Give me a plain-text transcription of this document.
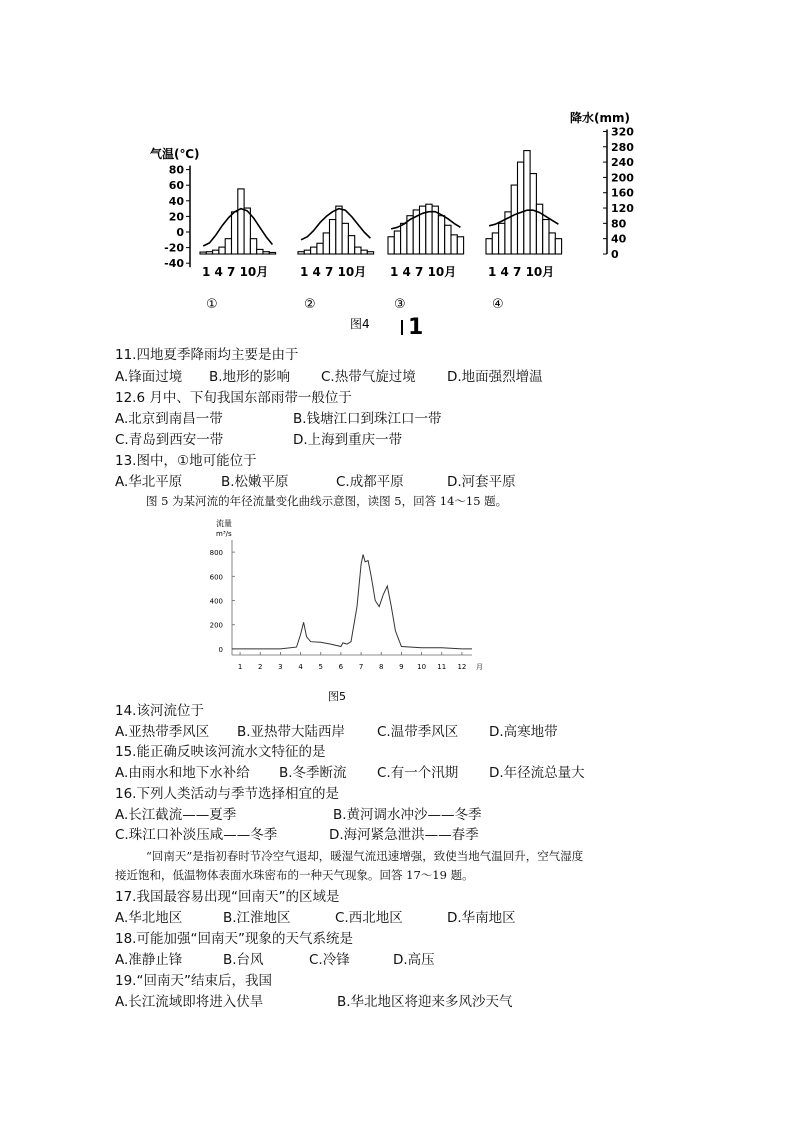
气温(℃)
80
60
40
20
0
-20
-40
降水(mm)
320
280
240
200
160
120
80
40
0
1 4 7 10月
①
1 4 7 10月
②
1 4 7 10月
③
1 4 7 10月
④
图4 1
11.四地夏季降雨均主要是由于
A.锋面过境 B.地形的影响 C.热带气旋过境 D.地面强烈增温
12.6 月中、下旬我国东部雨带一般位于
A.北京到南昌一带	B.钱塘江口到珠江口一带
C.青岛到西安一带	D.上海到重庆一带
13.图中，①地可能位于
A.华北平原	B.松嫩平原	C.成都平原	D.河套平原
图 5 为某河流的年径流量变化曲线示意图，读图 5，回答 14～15 题。
流量
m³/s
0
200
400
600
800
1 2 3 4 5 6 7 8 9 10 11 12 月
图5
14.该河流位于
A.亚热带季风区 B.亚热带大陆西岸 C.温带季风区 D.高寒地带
15.能正确反映该河流水文特征的是
A.由雨水和地下水补给 B.冬季断流 C.有一个汛期 D.年径流总量大
16.下列人类活动与季节选择相宜的是
A.长江截流——夏季	B.黄河调水冲沙——冬季
C.珠江口补淡压咸——冬季	D.海河紧急泄洪——春季
“回南天”是指初春时节冷空气退却，暖湿气流迅速增强，致使当地气温回升，空气湿度
接近饱和，低温物体表面水珠密布的一种天气现象。回答 17～19 题。
17.我国最容易出现“回南天”的区域是
A.华北地区	B.江淮地区	C.西北地区	D.华南地区
18.可能加强“回南天”现象的天气系统是
A.准静止锋	B.台风	C.冷锋	D.高压
19.“回南天”结束后，我国
A.长江流域即将进入伏旱	B.华北地区将迎来多风沙天气
